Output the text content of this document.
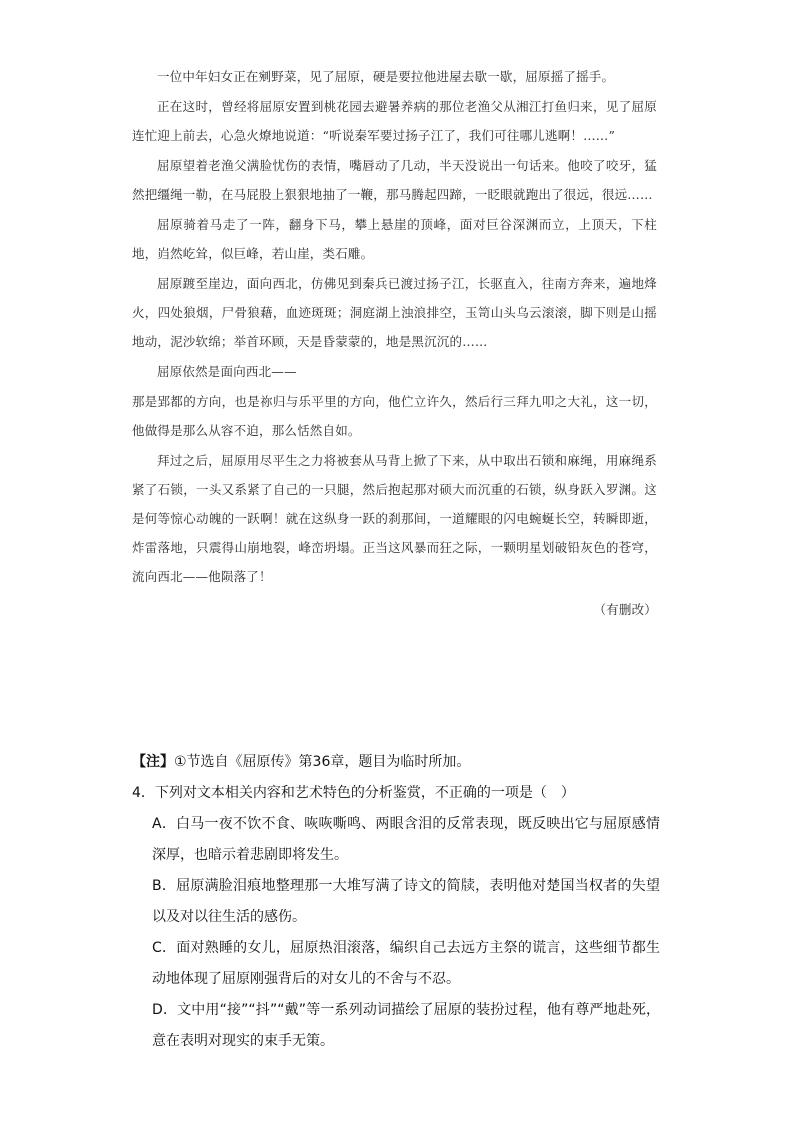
一位中年妇女正在剜野菜，见了屈原，硬是要拉他进屋去歇一歇，屈原摇了摇手。

正在这时，曾经将屈原安置到桃花园去避暑养病的那位老渔父从湘江打鱼归来，见了屈原连忙迎上前去，心急火燎地说道：“听说秦军要过扬子江了，我们可往哪儿逃啊！……”

屈原望着老渔父满脸忧伤的表情，嘴唇动了几动，半天没说出一句话来。他咬了咬牙，猛然把缰绳一勒，在马屁股上狠狠地抽了一鞭，那马腾起四蹄，一眨眼就跑出了很远，很远……

屈原骑着马走了一阵，翻身下马，攀上悬崖的顶峰，面对巨谷深渊而立，上顶天，下柱地，岿然屹耸，似巨峰，若山崖，类石雕。

屈原踱至崖边，面向西北，仿佛见到秦兵已渡过扬子江，长驱直入，往南方奔来，遍地烽火，四处狼烟，尸骨狼藉，血迹斑斑；洞庭湖上浊浪排空，玉笥山头乌云滚滚，脚下则是山摇地动，泥沙软绵；举首环顾，天是昏蒙蒙的，地是黑沉沉的……

屈原依然是面向西北——

那是郢都的方向，也是祢归与乐平里的方向，他伫立许久，然后行三拜九叩之大礼，这一切，他做得是那么从容不迫，那么恬然自如。

拜过之后，屈原用尽平生之力将被套从马背上掀了下来，从中取出石锁和麻绳，用麻绳系紧了石锁，一头又系紧了自己的一只腿，然后抱起那对硕大而沉重的石锁，纵身跃入罗渊。这是何等惊心动魄的一跃啊！就在这纵身一跃的刹那间，一道耀眼的闪电蜿蜒长空，转瞬即逝，炸雷落地，只震得山崩地裂，峰峦坍塌。正当这风暴而狂之际，一颗明星划破铅灰色的苍穹，流向西北——他陨落了！

（有删改）
【注】①节选自《屈原传》第36章，题目为临时所加。

4．下列对文本相关内容和艺术特色的分析鉴赏，不正确的一项是（　）

A．白马一夜不饮不食、咴咴嘶鸣、两眼含泪的反常表现，既反映出它与屈原感情深厚，也暗示着悲剧即将发生。

B．屈原满脸泪痕地整理那一大堆写满了诗文的简牍，表明他对楚国当权者的失望以及对以往生活的感伤。

C．面对熟睡的女儿，屈原热泪滚落，编织自己去远方主祭的谎言，这些细节都生动地体现了屈原刚强背后的对女儿的不舍与不忍。

D．文中用“接”“抖”“戴”等一系列动词描绘了屈原的装扮过程，他有尊严地赴死，意在表明对现实的束手无策。
